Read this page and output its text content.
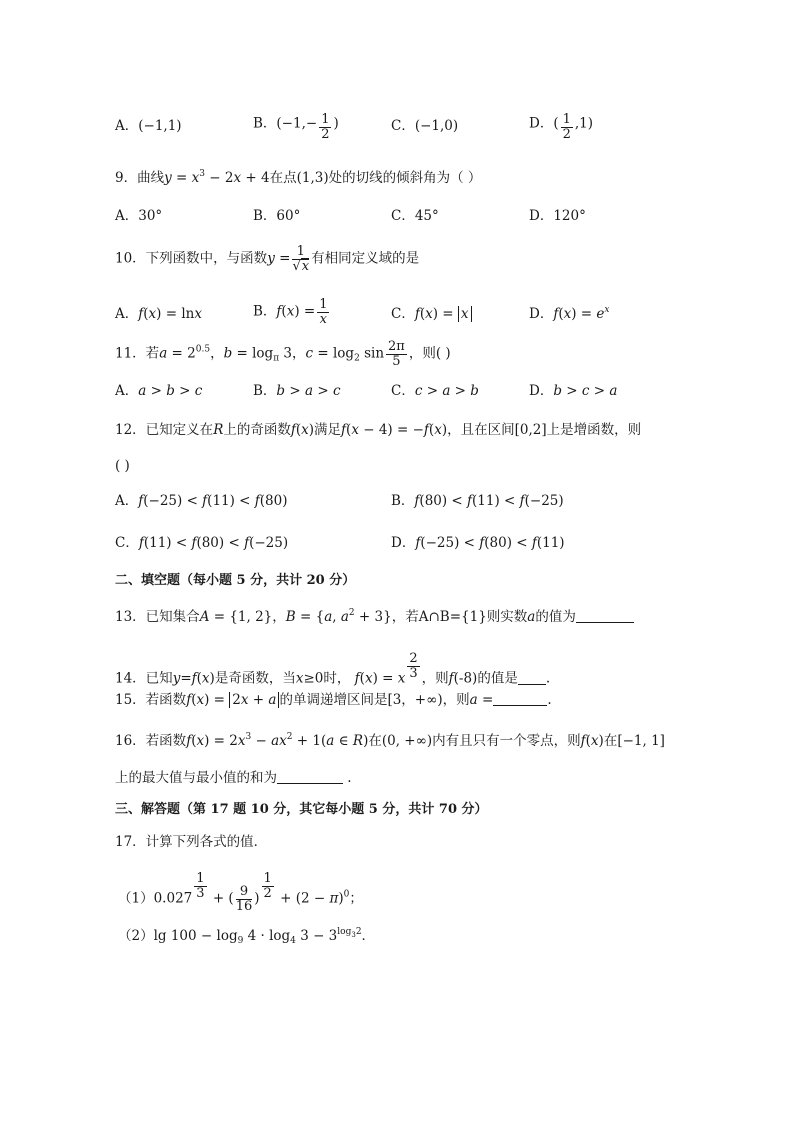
A．(−1,1)	B．($-1,- \frac{1}{2}$ )	C．(−1,0)	D．( $\frac{1}{2} ,1$)
9．曲线$y = x^3 - 2x + 4$在点(1,3)处的切线的倾斜角为（ ）
A．30°	B．60°	C．45°	D．120°
10．下列函数中，与函数$y = \frac{1}{√x}$ 有相同定义域的是
A．f(x) = lnx	B．$f(x) = \frac{1}{x}$	C．f(x) = x	D．$f(x) = e^x$
11．若$a = 2^{0.5}$，$b = \log_\pi 3$，$c = \log_2 \sin \frac{2\pi}{5}$ ，则( )
A．a > b > c	B．b > a > c	C．c > a > b	D．b > c > a
12．已知定义在R上的奇函数f(x)满足f(x − 4) = −f(x)，且在区间[0,2]上是增函数，则
( )
A．f(−25) < f(11) < f(80)	B．f(80) < f(11) < f(−25)
C．f(11) < f(80) < f(−25)	D．f(−25) < f(80) < f(11)
二、填空题（每小题 5 分，共计 20 分）
13．已知集合A = {1, 2}，B = {a, $a^2 + 3$}，若A∩B={1}则实数a的值为
14．已知y=f(x)是奇函数，当x≥0时， f(x) = x $^{\frac{2}{3}}$ ，则f(-8)的值是 .
15．若函数f(x) = 2x + a 的单调递增区间是[3，+∞)，则a =	.
16．若函数$f(x) = 2x^3 - ax^2 + 1(a$ ∈ R)在(0, +∞)内有且只有一个零点，则f(x)在[−1, 1]
上的最大值与最小值的和为	.
三、解答题（第 17 题 10 分，其它每小题 5 分，共计 70 分）
17．计算下列各式的值．
（1）0.027 $^{\frac{1}{3}}$ + ( $\frac{9}{16}$ ) $^{\frac{1}{2}} + (2 - \pi)^0$；
（2）lg $100 - \log_9 4 \cdot \log_4 3 - 3^{log_32}$．
